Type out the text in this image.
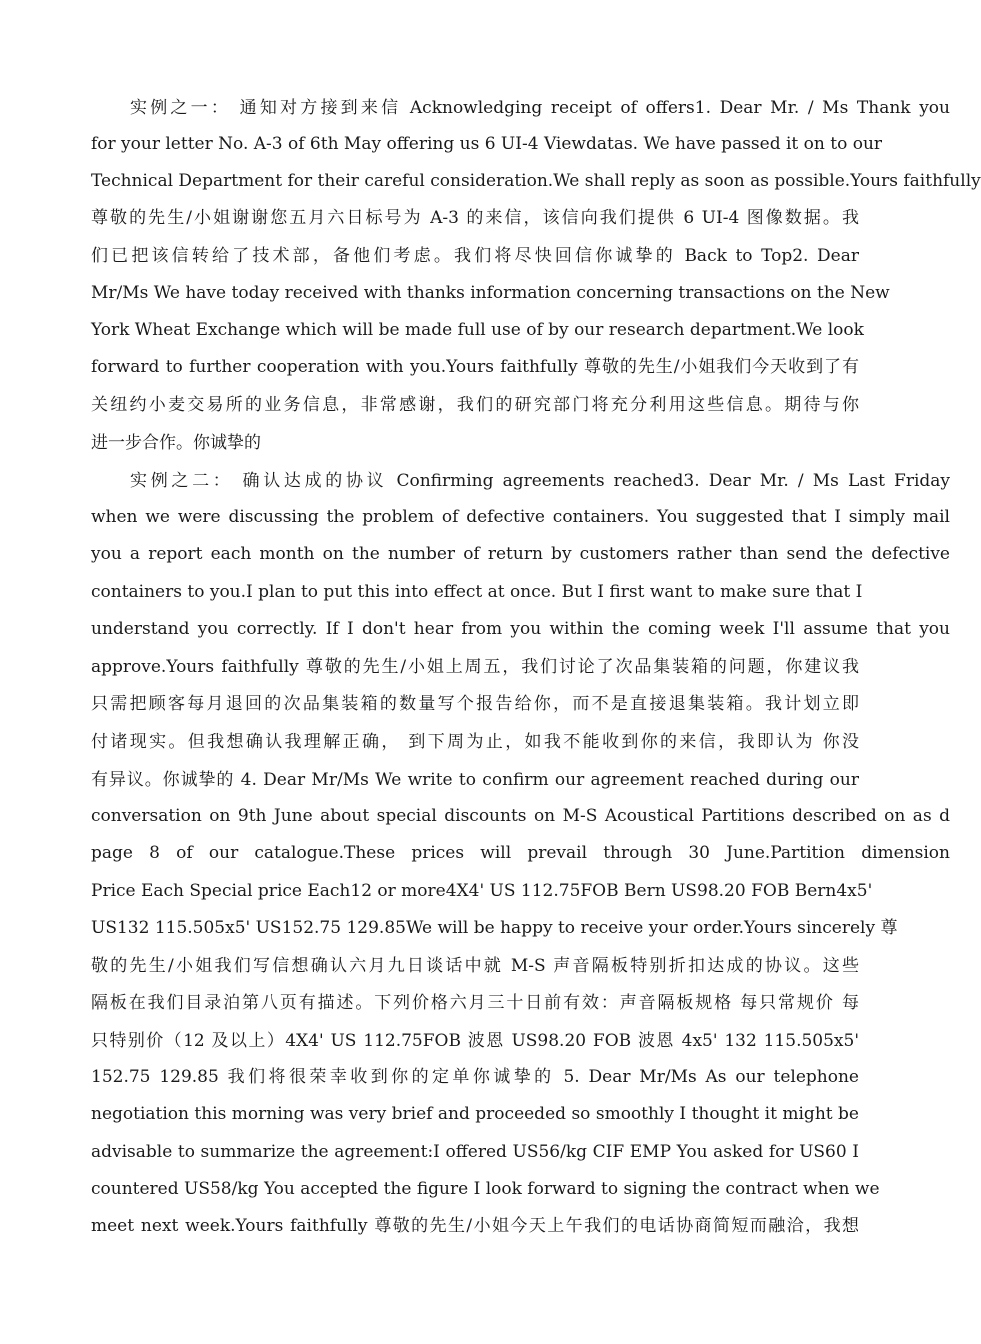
实例之一： 通知对方接到来信 Acknowledging receipt of offers1. Dear Mr. / Ms Thank you
for your letter No. A-3 of 6th May offering us 6 UI-4 Viewdatas. We have passed it on to our
Technical Department for their careful consideration.We shall reply as soon as possible.Yours faithfully
尊敬的先生/小姐谢谢您五月六日标号为 A-3 的来信，该信向我们提供 6 UI-4 图像数据。我
们已把该信转给了技术部，备他们考虑。我们将尽快回信你诚挚的 Back to Top2. Dear
Mr/Ms We have today received with thanks information concerning transactions on the New
York Wheat Exchange which will be made full use of by our research department.We look
forward to further cooperation with you.Yours faithfully 尊敬的先生/小姐我们今天收到了有
关纽约小麦交易所的业务信息，非常感谢，我们的研究部门将充分利用这些信息。期待与你
进一步合作。你诚挚的
实例之二： 确认达成的协议 Confirming agreements reached3. Dear Mr. / Ms Last Friday
when we were discussing the problem of defective containers. You suggested that I simply mail
you a report each month on the number of return by customers rather than send the defective
containers to you.I plan to put this into effect at once. But I first want to make sure that I
understand you correctly. If I don't hear from you within the coming week I'll assume that you
approve.Yours faithfully 尊敬的先生/小姐上周五，我们讨论了次品集装箱的问题，你建议我
只需把顾客每月退回的次品集装箱的数量写个报告给你，而不是直接退集装箱。我计划立即
付诸现实。但我想确认我理解正确， 到下周为止，如我不能收到你的来信，我即认为 你没
有异议。你诚挚的 4. Dear Mr/Ms We write to confirm our agreement reached during our
conversation on 9th June about special discounts on M-S Acoustical Partitions described on as d
page 8 of our catalogue.These prices will prevail through 30 June.Partition dimension
Price Each Special price Each12 or more4X4' US 112.75FOB Bern US98.20 FOB Bern4x5'
US132 115.505x5' US152.75 129.85We will be happy to receive your order.Yours sincerely 尊
敬的先生/小姐我们写信想确认六月九日谈话中就 M-S 声音隔板特别折扣达成的协议。这些
隔板在我们目录泊第八页有描述。下列价格六月三十日前有效：声音隔板规格 每只常规价 每
只特别价（12 及以上）4X4' US 112.75FOB 波恩 US98.20 FOB 波恩 4x5' 132 115.505x5'
152.75 129.85 我们将很荣幸收到你的定单你诚挚的 5. Dear Mr/Ms As our telephone
negotiation this morning was very brief and proceeded so smoothly I thought it might be
advisable to summarize the agreement:I offered US56/kg CIF EMP You asked for US60 I
countered US58/kg You accepted the figure I look forward to signing the contract when we
meet next week.Yours faithfully 尊敬的先生/小姐今天上午我们的电话协商简短而融洽，我想
